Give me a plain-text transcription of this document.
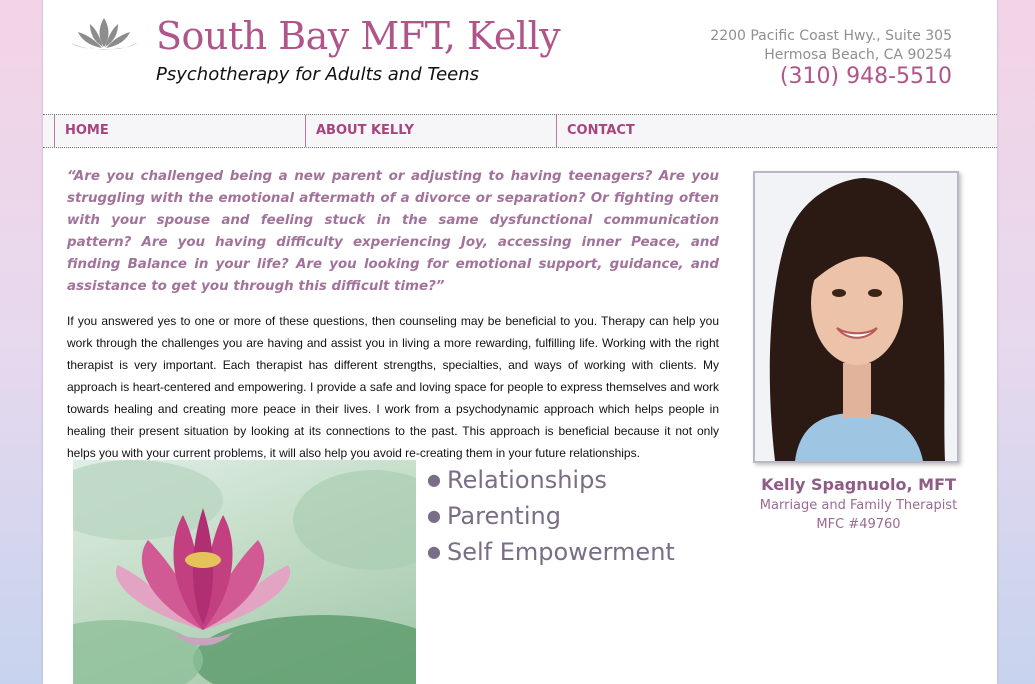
South Bay MFT, Kelly
Psychotherapy for Adults and Teens
2200 Pacific Coast Hwy., Suite 305
Hermosa Beach, CA 90254
(310) 948-5510
HOME	ABOUT KELLY	CONTACT

“Are you challenged being a new parent or adjusting to having teenagers? Are you struggling with the emotional aftermath of a divorce or separation? Or fighting often with your spouse and feeling stuck in the same dysfunctional communication pattern? Are you having difficulty experiencing Joy, accessing inner Peace, and finding Balance in your life? Are you looking for emotional support, guidance, and assistance to get you through this difficult time?”

If you answered yes to one or more of these questions, then counseling may be beneficial to you. Therapy can help you work through the challenges you are having and assist you in living a more rewarding, fulfilling life. Working with the right therapist is very important. Each therapist has different strengths, specialties, and ways of working with clients. My approach is heart-centered and empowering. I provide a safe and loving space for people to express themselves and work towards healing and creating more peace in their lives. I work from a psychodynamic approach which helps people in healing their present situation by looking at its connections to the past. This approach is beneficial because it not only helps you with your current problems, it will also help you avoid re-creating them in your future relationships.

● Relationships
● Parenting
● Self Empowerment
Kelly Spagnuolo, MFT
Marriage and Family Therapist
MFC #49760
